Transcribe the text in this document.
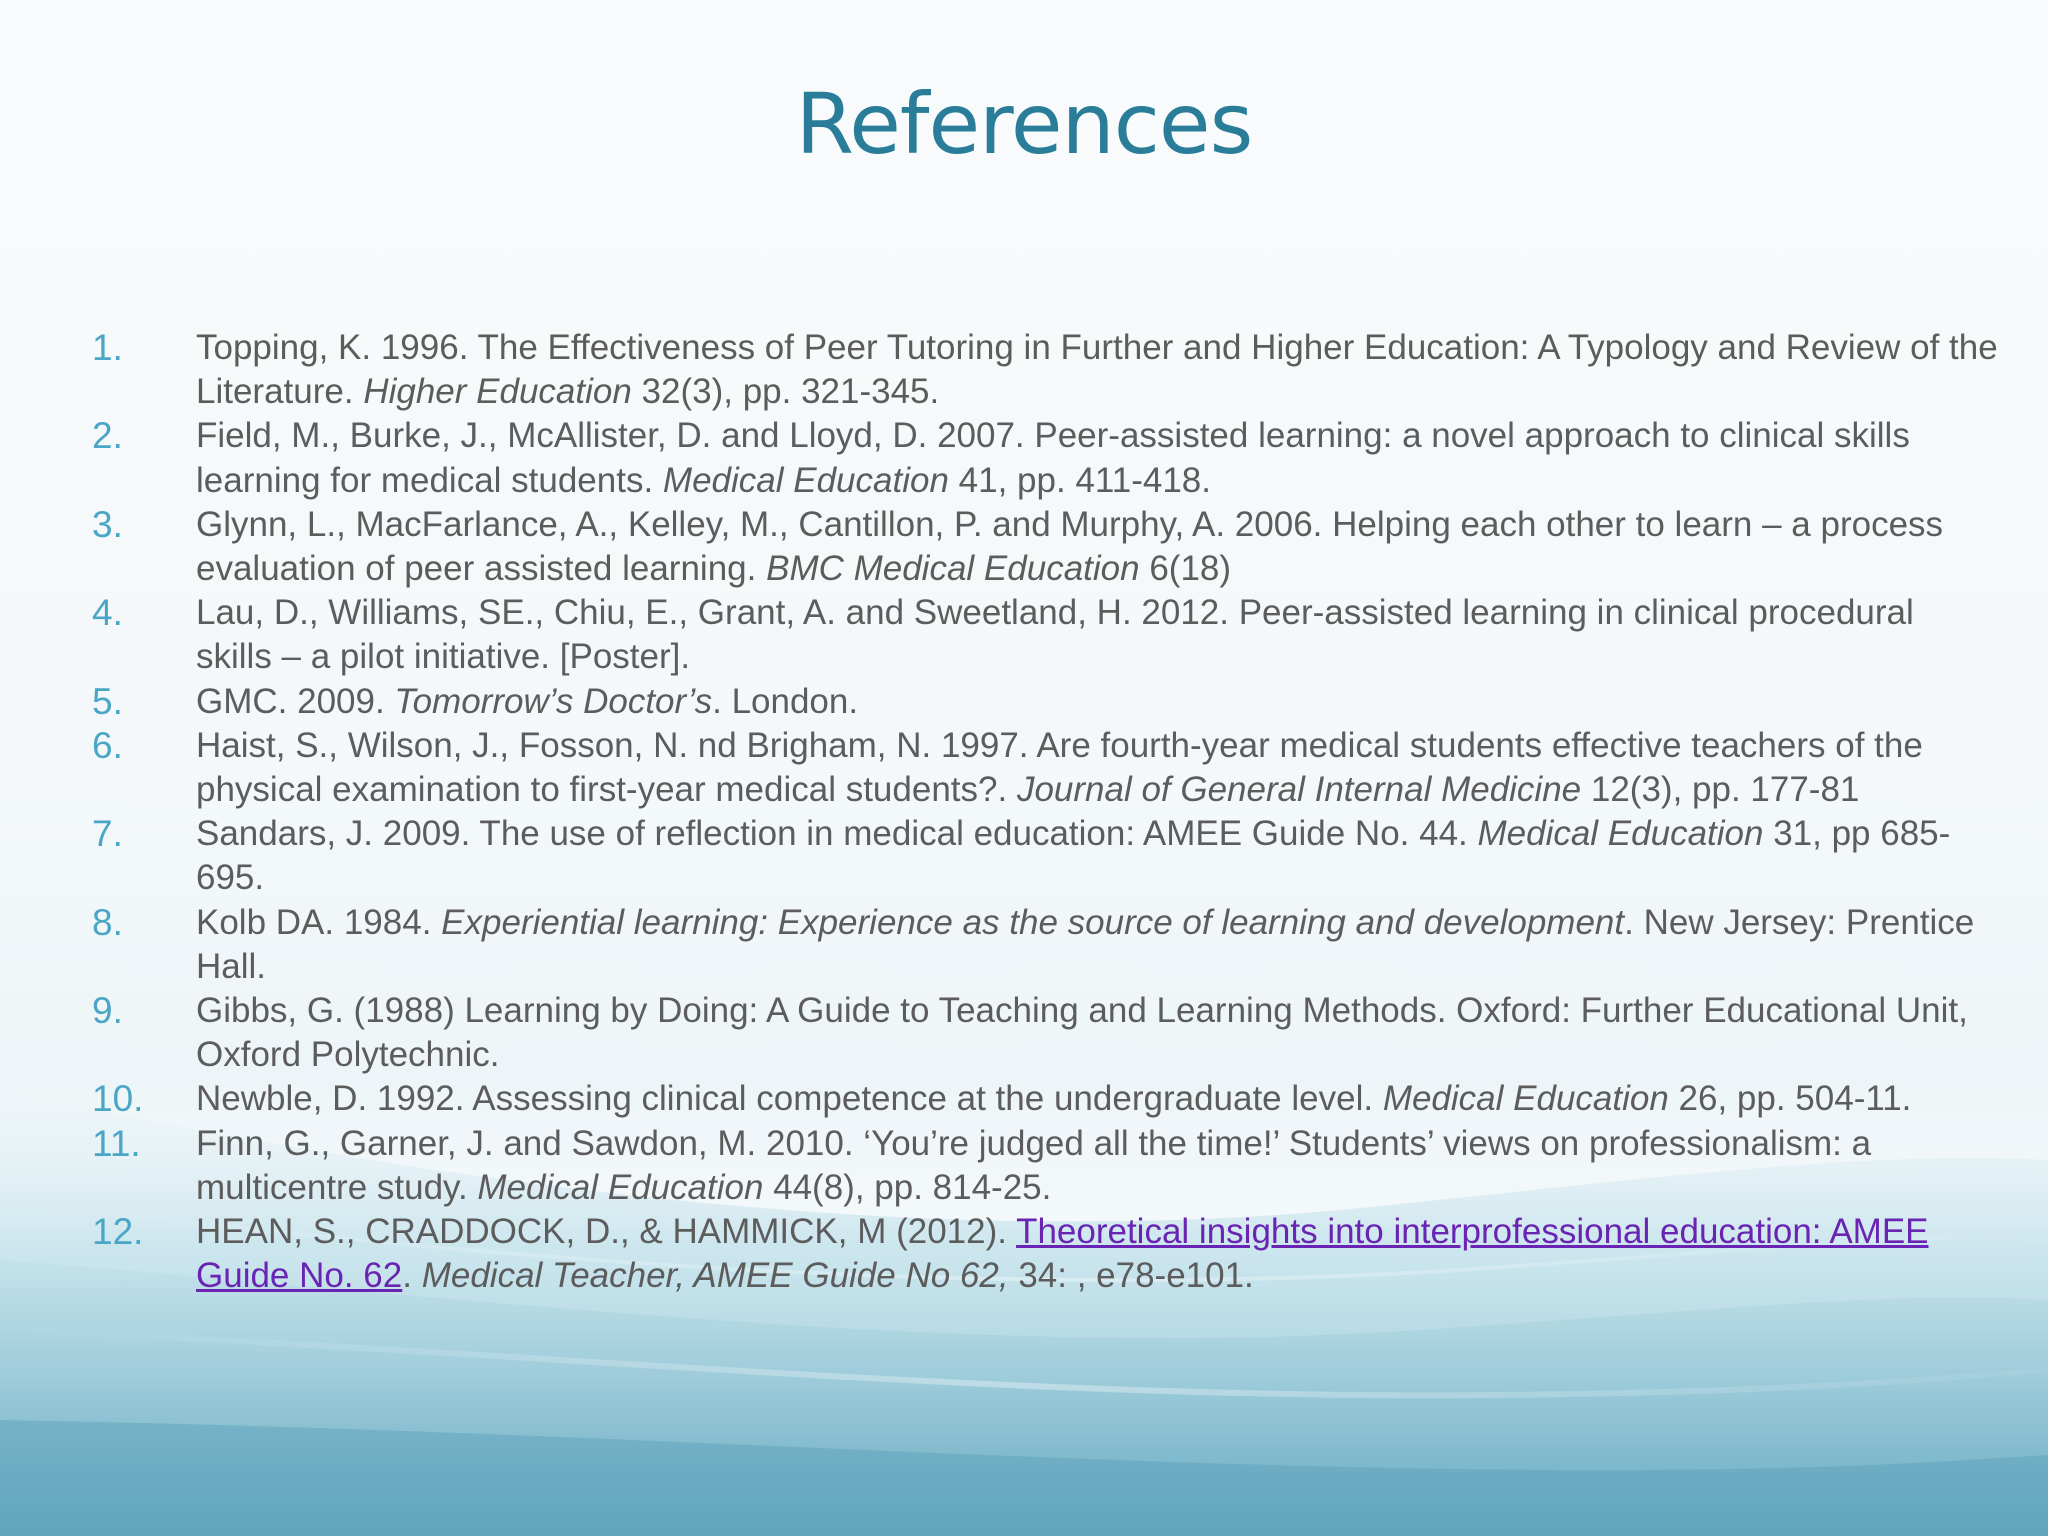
References
1. Topping, K. 1996. The Effectiveness of Peer Tutoring in Further and Higher Education: A Typology and Review of the Literature. Higher Education 32(3), pp. 321-345.
2. Field, M., Burke, J., McAllister, D. and Lloyd, D. 2007. Peer-assisted learning: a novel approach to clinical skills learning for medical students. Medical Education 41, pp. 411-418.
3. Glynn, L., MacFarlance, A., Kelley, M., Cantillon, P. and Murphy, A. 2006. Helping each other to learn – a process evaluation of peer assisted learning. BMC Medical Education 6(18)
4. Lau, D., Williams, SE., Chiu, E., Grant, A. and Sweetland, H. 2012. Peer-assisted learning in clinical procedural skills – a pilot initiative. [Poster].
5. GMC. 2009. Tomorrow’s Doctor’s. London.
6. Haist, S., Wilson, J., Fosson, N. nd Brigham, N. 1997. Are fourth-year medical students effective teachers of the physical examination to first-year medical students?. Journal of General Internal Medicine 12(3), pp. 177-81
7. Sandars, J. 2009. The use of reflection in medical education: AMEE Guide No. 44. Medical Education 31, pp 685-695.
8. Kolb DA. 1984. Experiential learning: Experience as the source of learning and development. New Jersey: Prentice Hall.
9. Gibbs, G. (1988) Learning by Doing: A Guide to Teaching and Learning Methods. Oxford: Further Educational Unit, Oxford Polytechnic.
10. Newble, D. 1992. Assessing clinical competence at the undergraduate level. Medical Education 26, pp. 504-11.
11. Finn, G., Garner, J. and Sawdon, M. 2010. ‘You’re judged all the time!’ Students’ views on professionalism: a multicentre study. Medical Education 44(8), pp. 814-25.
12. HEAN, S., CRADDOCK, D., & HAMMICK, M (2012). Theoretical insights into interprofessional education: AMEE Guide No. 62. Medical Teacher, AMEE Guide No 62, 34: , e78-e101.
